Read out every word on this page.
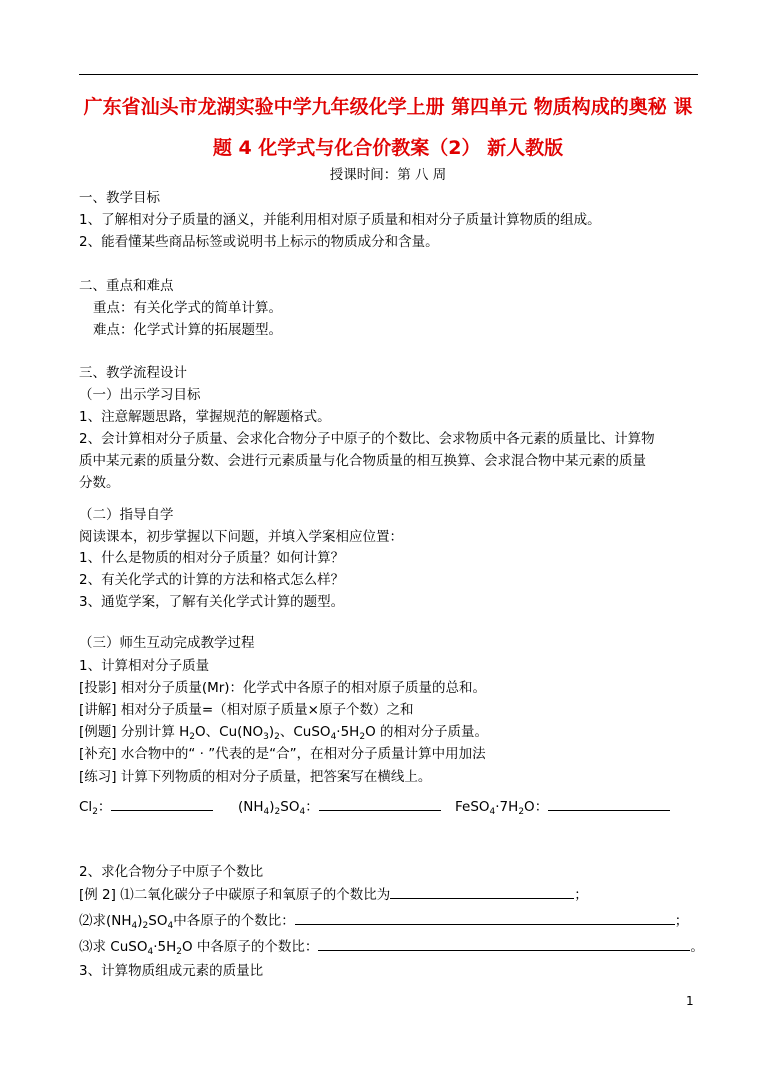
广东省汕头市龙湖实验中学九年级化学上册 第四单元 物质构成的奥秘 课
题 4 化学式与化合价教案（2） 新人教版
授课时间：第 八 周
一、教学目标
1、了解相对分子质量的涵义，并能利用相对原子质量和相对分子质量计算物质的组成。
2、能看懂某些商品标签或说明书上标示的物质成分和含量。
二、重点和难点
重点：有关化学式的简单计算。
难点：化学式计算的拓展题型。
三、教学流程设计
（一）出示学习目标
1、注意解题思路，掌握规范的解题格式。
2、会计算相对分子质量、会求化合物分子中原子的个数比、会求物质中各元素的质量比、计算物
质中某元素的质量分数、会进行元素质量与化合物质量的相互换算、会求混合物中某元素的质量
分数。
（二）指导自学
阅读课本，初步掌握以下问题，并填入学案相应位置：
1、什么是物质的相对分子质量？如何计算？
2、有关化学式的计算的方法和格式怎么样？
3、通览学案，了解有关化学式计算的题型。
（三）师生互动完成教学过程
1、计算相对分子质量
[投影] 相对分子质量(Mr)：化学式中各原子的相对原子质量的总和。
[讲解] 相对分子质量=（相对原子质量×原子个数）之和
[例题] 分别计算 $H_2O$、$Cu(NO_3)_2$、$CuSO_4\cdot 5H_2O$ 的相对分子质量。
[补充] 水合物中的“ · ”代表的是“合”，在相对分子质量计算中用加法
[练习] 计算下列物质的相对分子质量，把答案写在横线上。
$Cl_2$：	$(NH_4)_2SO_4$：	$FeSO_4\cdot 7H_2O$：
2、求化合物分子中原子个数比
[例 2] ⑴二氧化碳分子中碳原子和氧原子的个数比为	；
⑵求$(NH_4)_2SO_4$中各原子的个数比：	；
⑶求 $CuSO_4\cdot 5H_2O$ 中各原子的个数比：	。
3、计算物质组成元素的质量比
1
